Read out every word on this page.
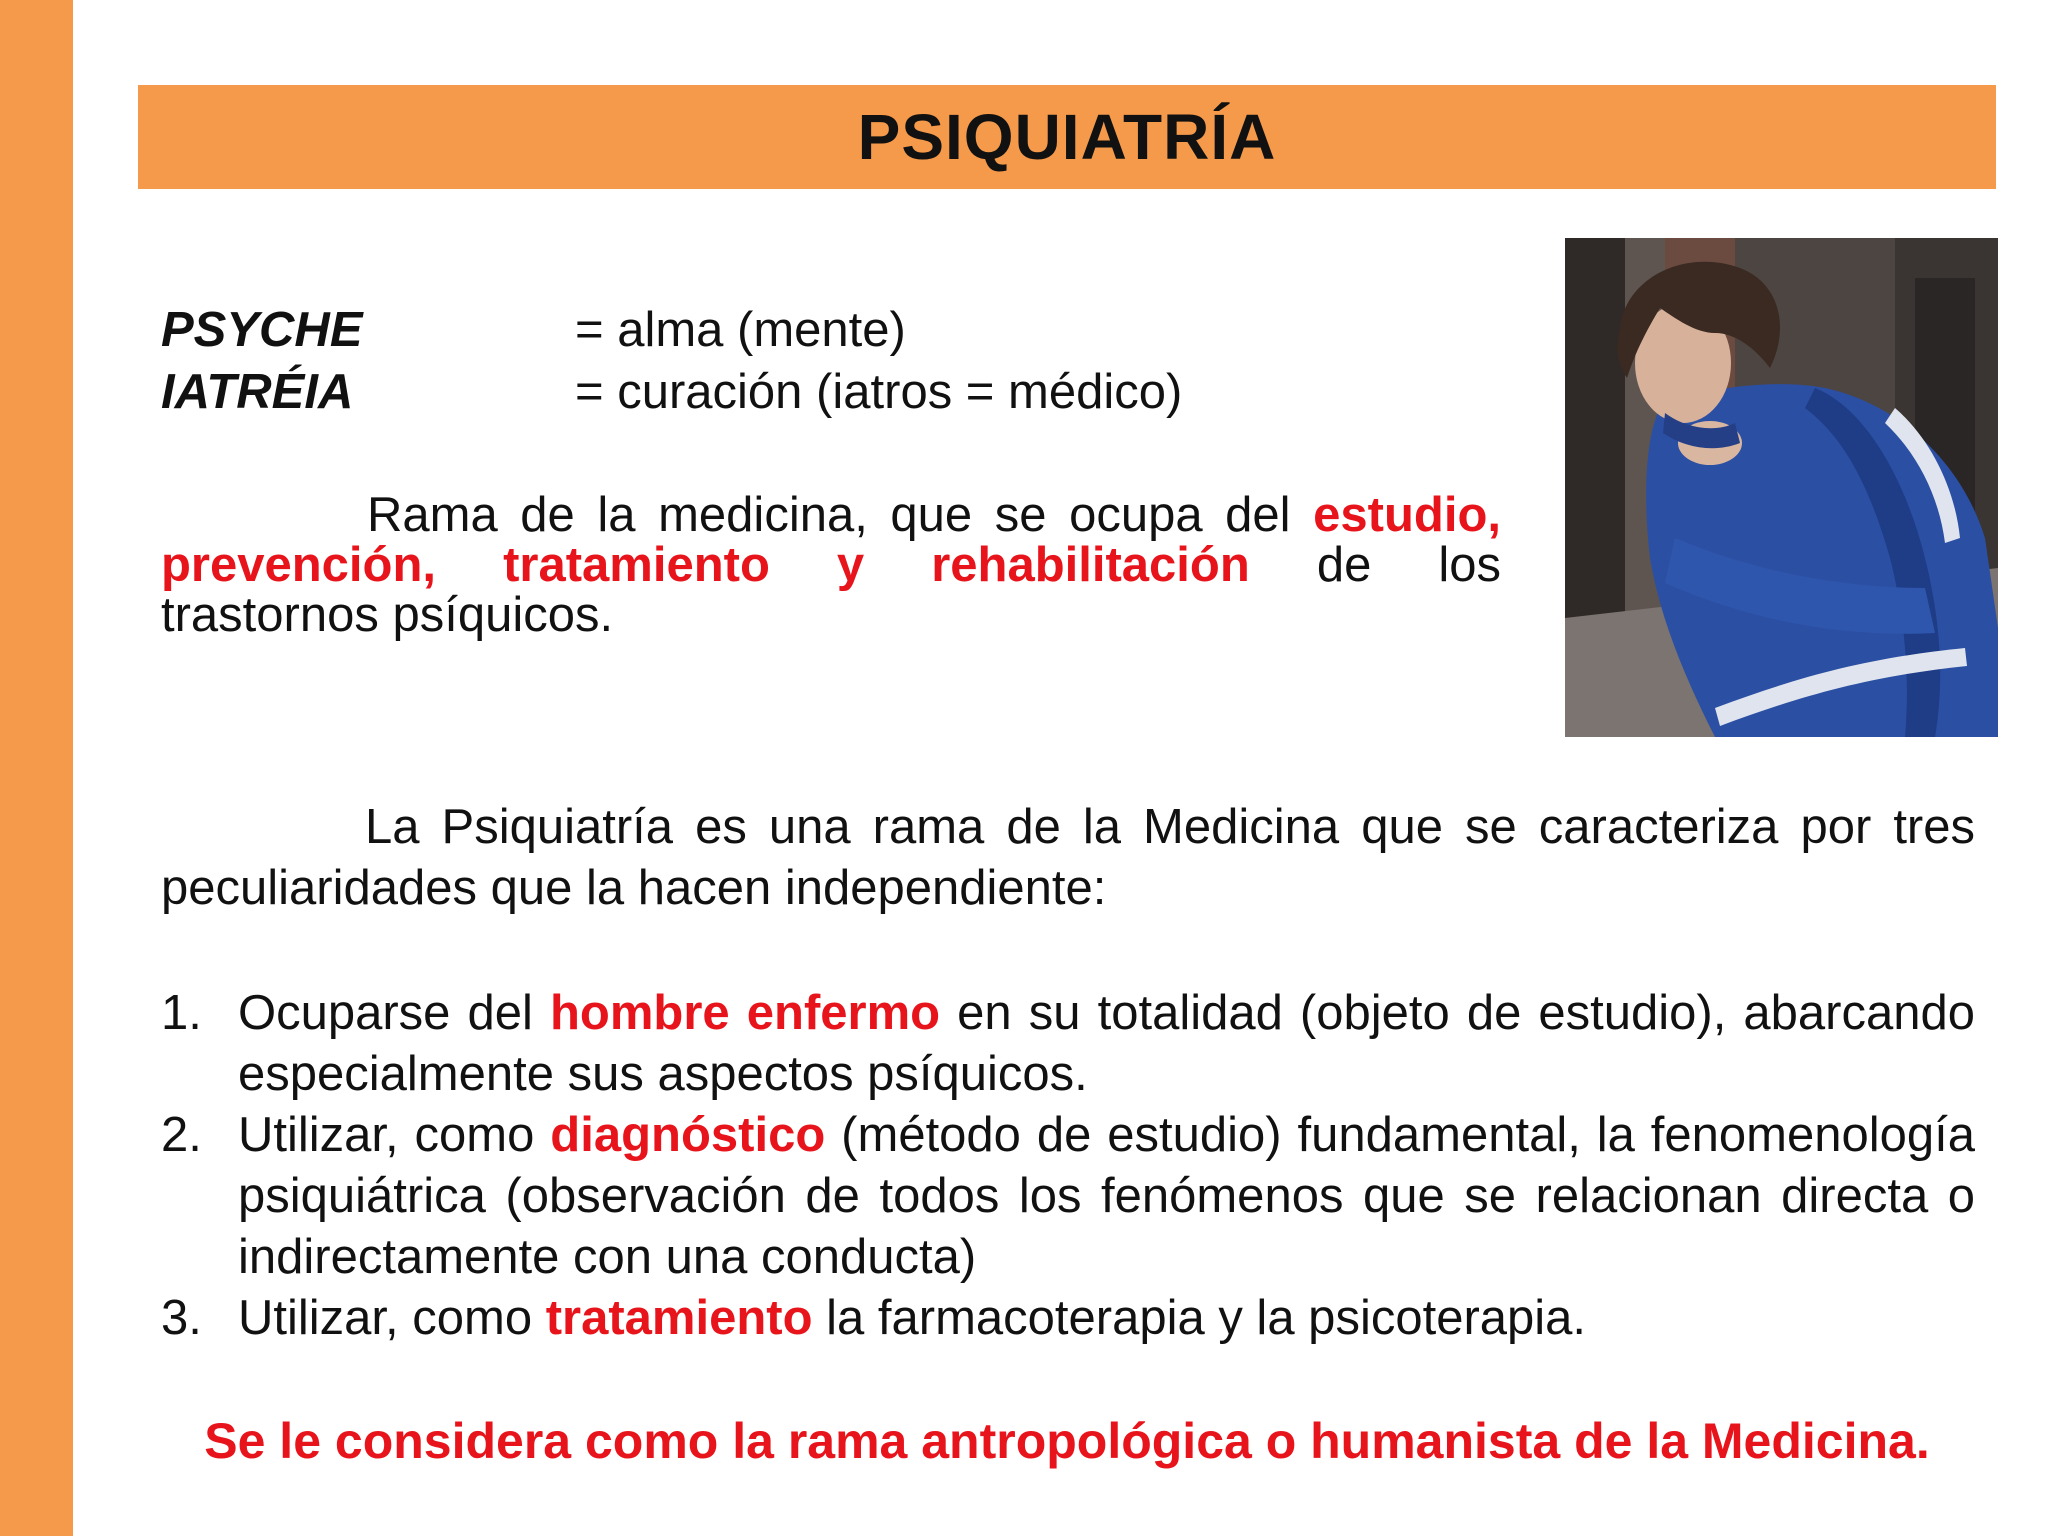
PSIQUIATRÍA
PSYCHE	= alma (mente)
IATRÉIA	= curación (iatros = médico)
Rama de la medicina, que se ocupa del estudio,
prevención, tratamiento y rehabilitación de los
trastornos psíquicos.
La Psiquiatría es una rama de la Medicina que se caracteriza por tres peculiaridades que la hacen independiente:
1. Ocuparse del hombre enfermo en su totalidad (objeto de estudio), abarcando especialmente sus aspectos psíquicos.
2. Utilizar, como diagnóstico (método de estudio) fundamental, la fenomenología psiquiátrica (observación de todos los fenómenos que se relacionan directa o indirectamente con una conducta)
3. Utilizar, como tratamiento la farmacoterapia y la psicoterapia.
Se le considera como la rama antropológica o humanista de la Medicina.
